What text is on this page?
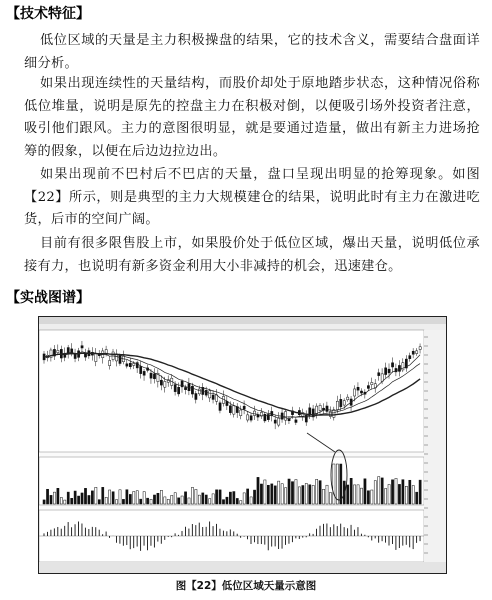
【技术特征】

低位区域的天量是主力积极操盘的结果，它的技术含义，需要结合盘面详细分析。

如果出现连续性的天量结构，而股价却处于原地踏步状态，这种情况俗称低位堆量，说明是原先的控盘主力在积极对倒，以便吸引场外投资者注意，吸引他们跟风。主力的意图很明显，就是要通过造量，做出有新主力进场抢筹的假象，以便在后边边拉边出。

如果出现前不巴村后不巴店的天量，盘口呈现出明显的抢筹现象。如图【22】所示，则是典型的主力大规模建仓的结果，说明此时有主力在激进吃货，后市的空间广阔。

目前有很多限售股上市，如果股价处于低位区域，爆出天量，说明低位承接有力，也说明有新多资金利用大小非减持的机会，迅速建仓。

【实战图谱】
图【22】低位区域天量示意图
